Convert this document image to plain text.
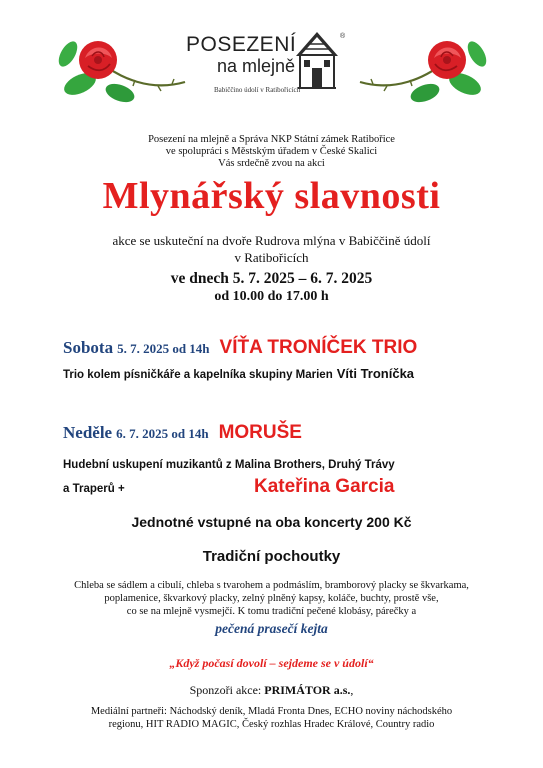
POSEZENÍ	®
na mlejně
Babiččino údolí v Ratibořicích
Posezení na mlejně a Správa NKP Státní zámek Ratibořice
ve spolupráci s Městským úřadem v České Skalici
Vás srdečně zvou na akci
Mlynářský slavnosti
akce se uskuteční na dvoře Rudrova mlýna v Babiččině údolí
v Ratibořicích
ve dnech 5. 7. 2025 – 6. 7. 2025
od 10.00 do 17.00 h
Sobota 5. 7. 2025 od 14h VÍŤA TRONÍČEK TRIO
Trio kolem písničkáře a kapelníka skupiny Marien Víti Troníčka
Neděle 6. 7. 2025 od 14h MORUŠE
Hudební uskupení muzikantů z Malina Brothers, Druhý Trávy
a Traperů +	Kateřina Garcia
Jednotné vstupné na oba koncerty 200 Kč
Tradiční pochoutky
Chleba se sádlem a cibulí, chleba s tvarohem a podmáslím, bramborový placky se škvarkama,
poplamenice, škvarkový placky, zelný plněný kapsy, koláče, buchty, prostě vše,
co se na mlejně vysmejčí. K tomu tradiční pečené klobásy, párečky a
pečená prasečí kejta
„Když počasí dovolí – sejdeme se v údolí“
Sponzoři akce: PRIMÁTOR a.s.,
Mediální partneři: Náchodský deník, Mladá Fronta Dnes, ECHO noviny náchodského
regionu, HIT RADIO MAGIC, Český rozhlas Hradec Králové, Country radio
